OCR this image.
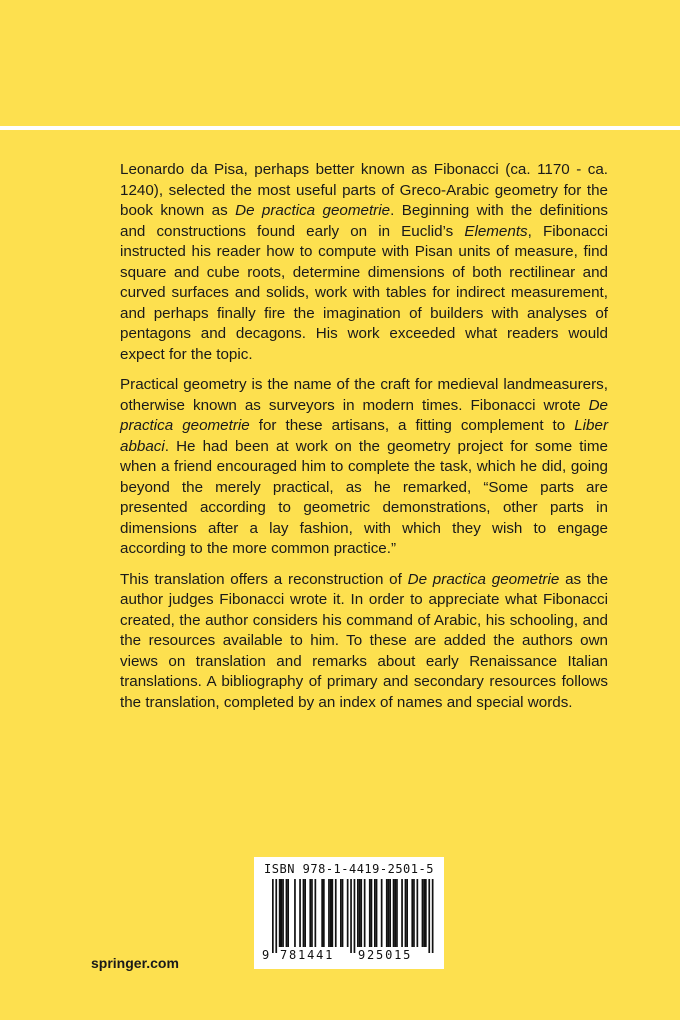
Leonardo da Pisa, perhaps better known as Fibonacci (ca. 1170 - ca. 1240), selected the most useful parts of Greco-Arabic geometry for the book known as De practica geometrie. Beginning with the definitions and constructions found early on in Euclid’s Elements, Fibonacci instructed his reader how to compute with Pisan units of measure, find square and cube roots, determine dimensions of both rectilinear and curved surfaces and solids, work with tables for indirect measurement, and perhaps finally fire the imagination of builders with analyses of pentagons and decagons. His work exceeded what readers would expect for the topic.

Practical geometry is the name of the craft for medieval landmeasurers, otherwise known as surveyors in modern times. Fibonacci wrote De practica geometrie for these artisans, a fitting complement to Liber abbaci. He had been at work on the geometry project for some time when a friend encouraged him to complete the task, which he did, going beyond the merely practical, as he remarked, “Some parts are presented according to geometric demonstrations, other parts in dimensions after a lay fashion, with which they wish to engage according to the more common practice.”

This translation offers a reconstruction of De practica geometrie as the author judges Fibonacci wrote it. In order to appreciate what Fibonacci created, the author considers his command of Arabic, his schooling, and the resources available to him. To these are added the authors own views on translation and remarks about early Renaissance Italian translations. A bibliography of primary and secondary resources follows the translation, completed by an index of names and special words.

springer.com
ISBN 978-1-4419-2501-5
9 781441 925015
